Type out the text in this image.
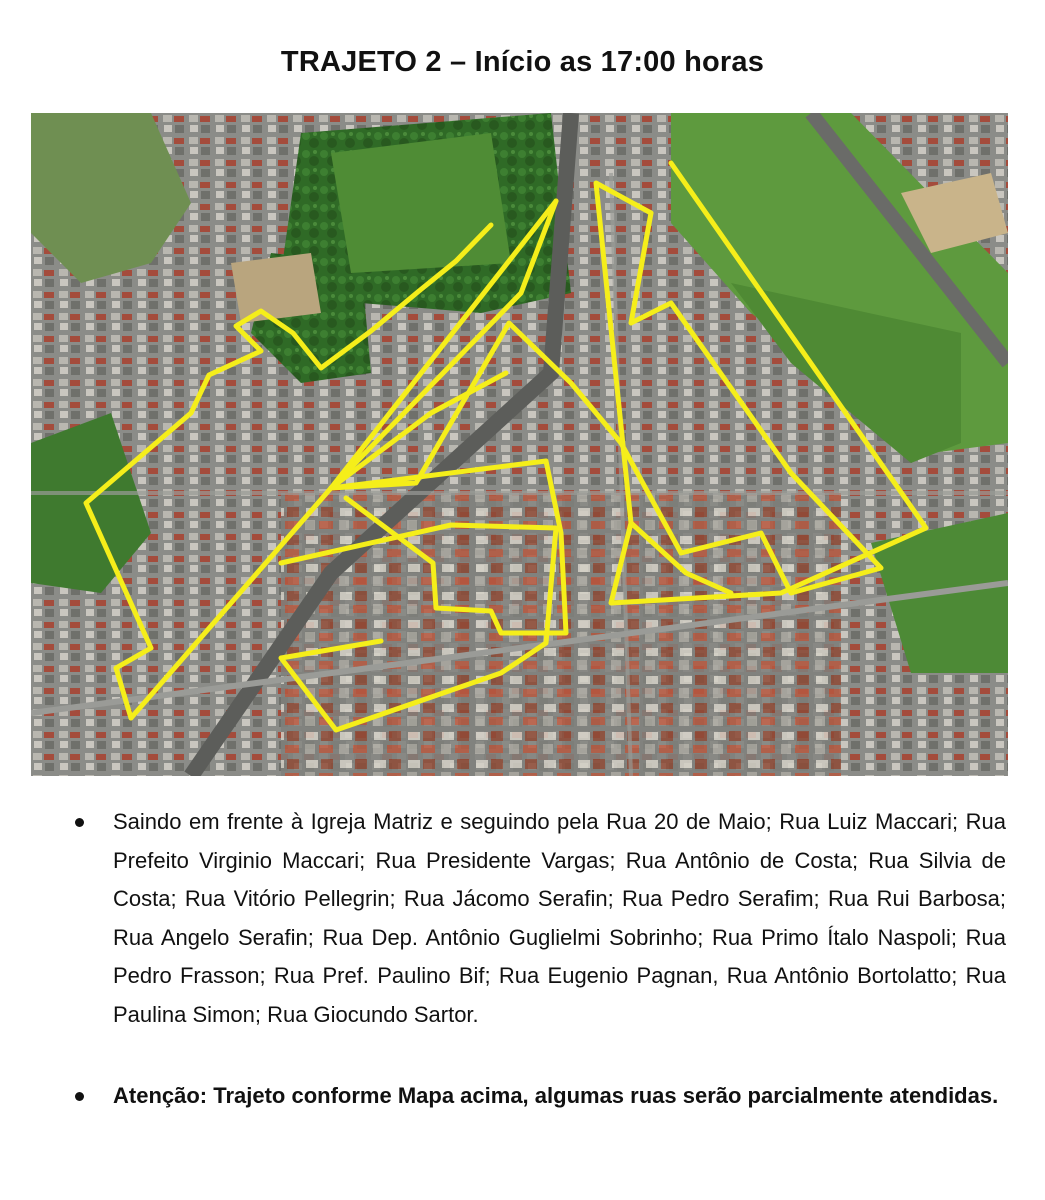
TRAJETO 2 – Início as 17:00 horas
Saindo em frente à Igreja Matriz e seguindo pela Rua 20 de Maio; Rua Luiz Maccari; Rua Prefeito Virginio Maccari; Rua Presidente Vargas; Rua Antônio de Costa; Rua Silvia de Costa; Rua Vitório Pellegrin; Rua Jácomo Serafin; Rua Pedro Serafim; Rua Rui Barbosa; Rua Angelo Serafin; Rua Dep. Antônio Guglielmi Sobrinho; Rua Primo Ítalo Naspoli; Rua Pedro Frasson; Rua Pref. Paulino Bif; Rua Eugenio Pagnan, Rua Antônio Bortolatto; Rua Paulina Simon; Rua Giocundo Sartor.
Atenção: Trajeto conforme Mapa acima, algumas ruas serão parcialmente atendidas.
